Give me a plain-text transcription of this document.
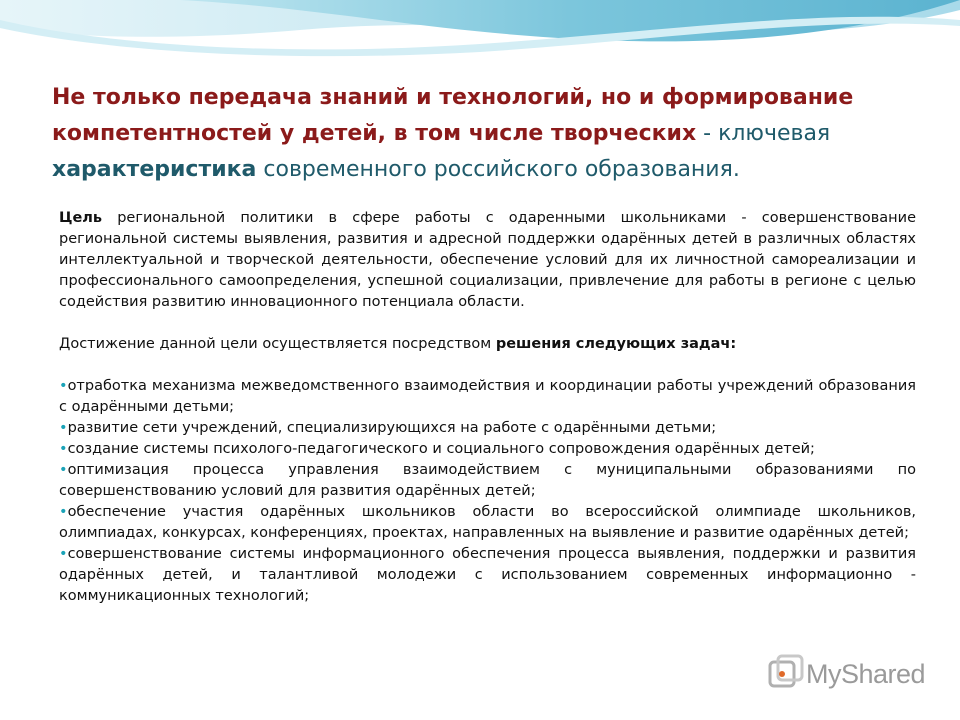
Не только передача знаний и технологий, но и формирование компетентностей у детей, в том числе творческих - ключевая характеристика современного российского образования.

Цель региональной политики в сфере работы с одаренными школьниками - совершенствование региональной системы выявления, развития и адресной поддержки одарённых детей в различных областях интеллектуальной и творческой деятельности, обеспечение условий для их личностной самореализации и профессионального самоопределения, успешной социализации, привлечение для работы в регионе с целью содействия развитию инновационного потенциала области.

Достижение данной цели осуществляется посредством решения следующих задач:

•отработка механизма межведомственного взаимодействия и координации работы учреждений образования с одарёнными детьми;

•развитие сети учреждений, специализирующихся на работе с одарёнными детьми;

•создание системы психолого-педагогического и социального сопровождения одарённых детей;

•оптимизация процесса управления взаимодействием с муниципальными образованиями по совершенствованию условий для развития одарённых детей;

•обеспечение участия одарённых школьников области во всероссийской олимпиаде школьников, олимпиадах, конкурсах, конференциях, проектах, направленных на выявление и развитие одарённых детей;

•совершенствование системы информационного обеспечения процесса выявления, поддержки и развития одарённых детей, и талантливой молодежи с использованием современных информационно - коммуникационных технологий;

MyShared
